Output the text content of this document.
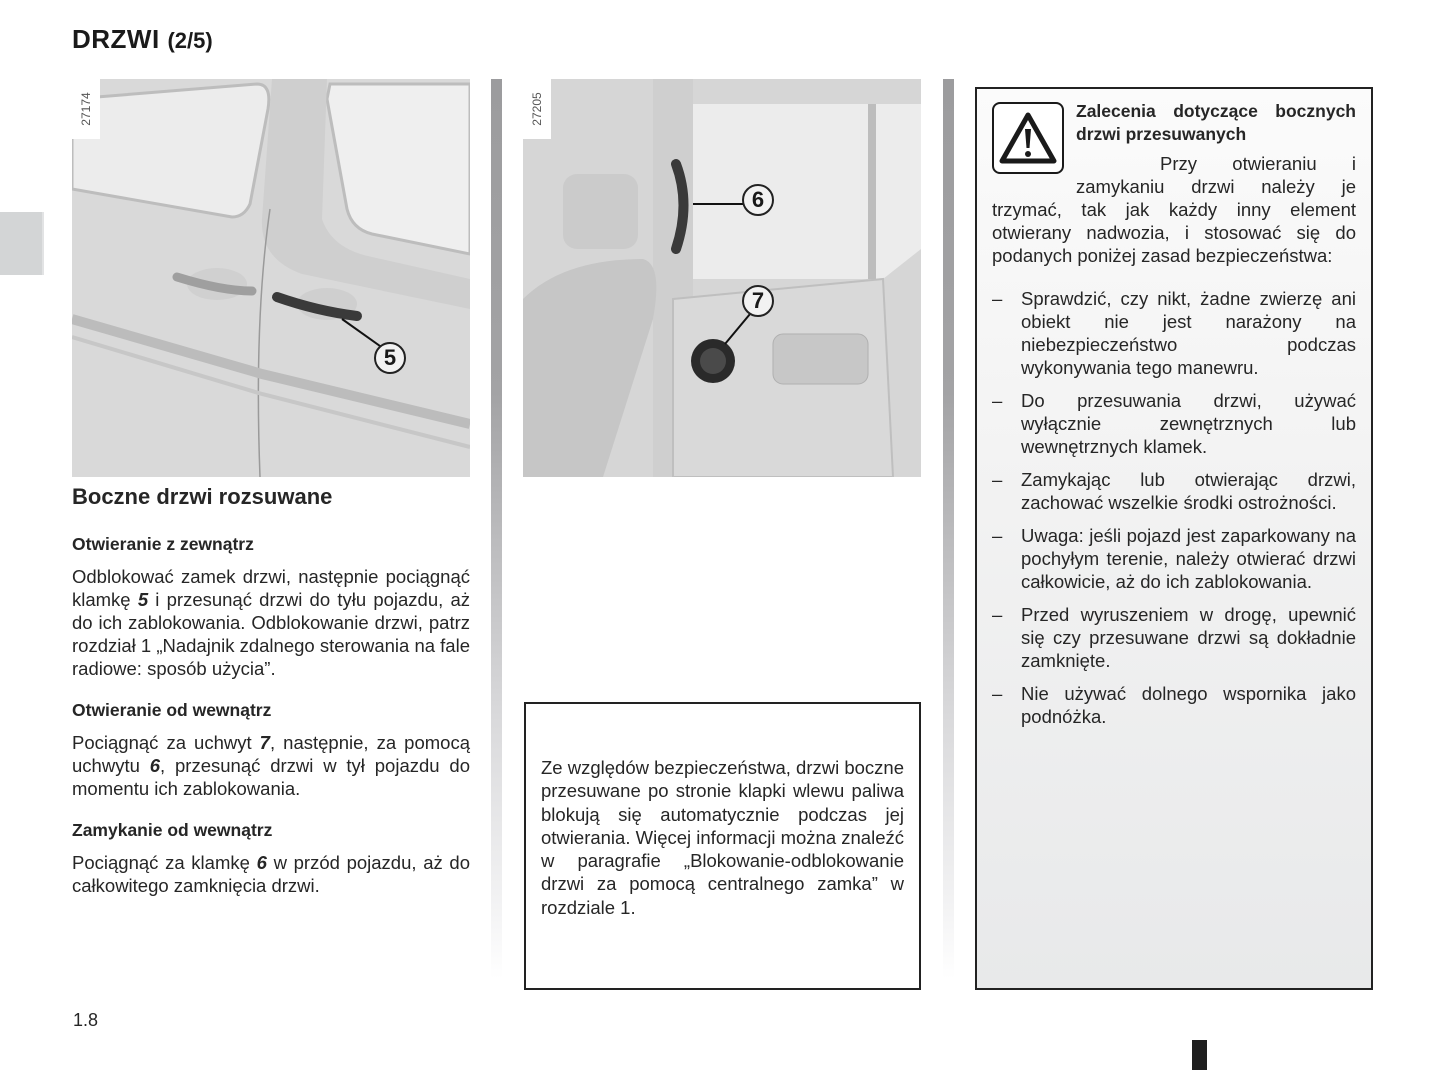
DRZWI (2/5)
27174
5
27205
6
7
Boczne drzwi rozsuwane
Otwieranie z zewnątrz

Odblokować zamek drzwi, następnie pociągnąć klamkę 5 i przesunąć drzwi do tyłu pojazdu, aż do ich zablokowania. Odblokowanie drzwi, patrz rozdział 1 „Nadajnik zdalnego sterowania na fale radiowe: sposób użycia”.

Otwieranie od wewnątrz

Pociągnąć za uchwyt 7, następnie, za pomocą uchwytu 6, przesunąć drzwi w tył pojazdu do momentu ich zablokowania.

Zamykanie od wewnątrz

Pociągnąć za klamkę 6 w przód pojazdu, aż do całkowitego zamknięcia drzwi.

Ze względów bezpieczeństwa, drzwi boczne przesuwane po stronie klapki wlewu paliwa blokują się automatycznie podczas jej otwierania. Więcej informacji można znaleźć w paragrafie „Blokowanie-odblokowanie drzwi za pomocą centralnego zamka” w rozdziale 1.

Zalecenia dotyczące bocznych drzwi przesuwanych

Przy otwieraniu i zamykaniu drzwi należy je trzymać, tak jak każdy inny element otwierany nadwozia, i stosować się do podanych poniżej zasad bezpieczeństwa:

– Sprawdzić, czy nikt, żadne zwierzę ani obiekt nie jest narażony na niebezpieczeństwo podczas wykonywania tego manewru.
– Do przesuwania drzwi, używać wyłącznie zewnętrznych lub wewnętrznych klamek.
– Zamykając lub otwierając drzwi, zachować wszelkie środki ostrożności.
– Uwaga: jeśli pojazd jest zaparkowany na pochyłym terenie, należy otwierać drzwi całkowicie, aż do ich zablokowania.
– Przed wyruszeniem w drogę, upewnić się czy przesuwane drzwi są dokładnie zamknięte.
– Nie używać dolnego wspornika jako podnóżka.
1.8
